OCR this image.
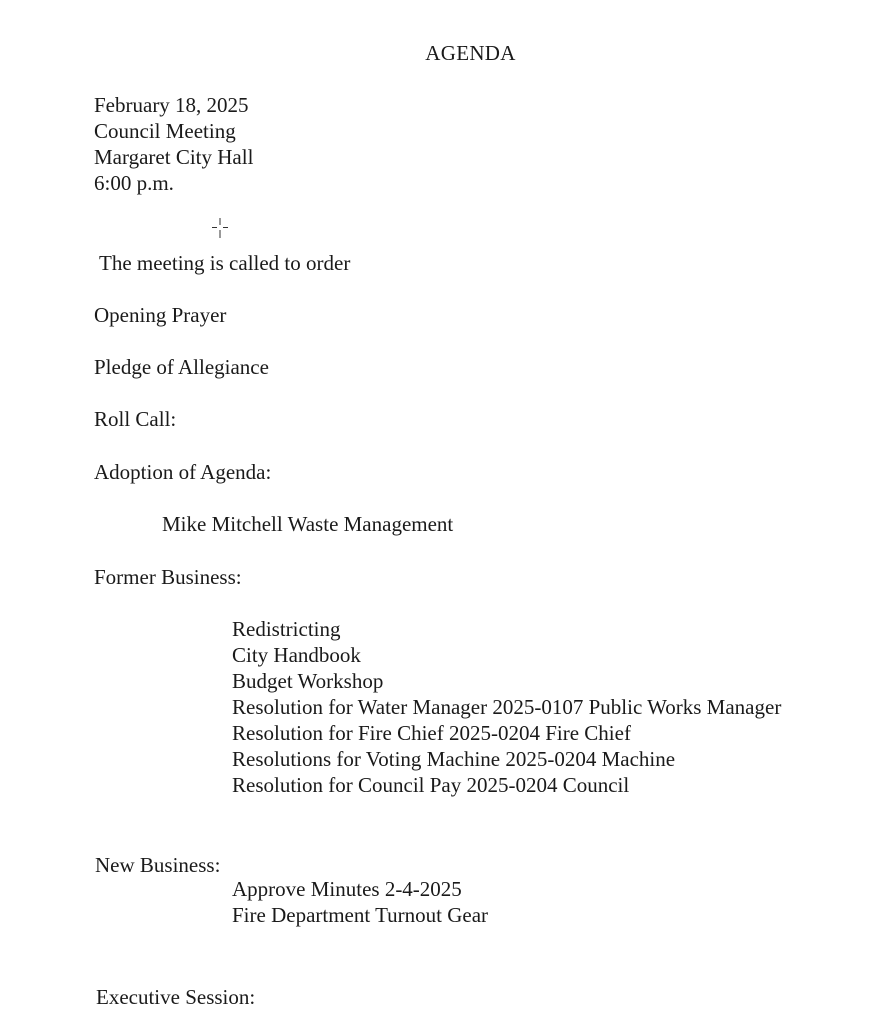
AGENDA
February 18, 2025
Council Meeting
Margaret City Hall
6:00 p.m.
The meeting is called to order
Opening Prayer
Pledge of Allegiance
Roll Call:
Adoption of Agenda:
Mike Mitchell Waste Management
Former Business:
Redistricting
City Handbook
Budget Workshop
Resolution for Water Manager 2025-0107 Public Works Manager
Resolution for Fire Chief 2025-0204 Fire Chief
Resolutions for Voting Machine 2025-0204 Machine
Resolution for Council Pay 2025-0204 Council
New Business:
Approve Minutes 2-4-2025
Fire Department Turnout Gear
Executive Session:
